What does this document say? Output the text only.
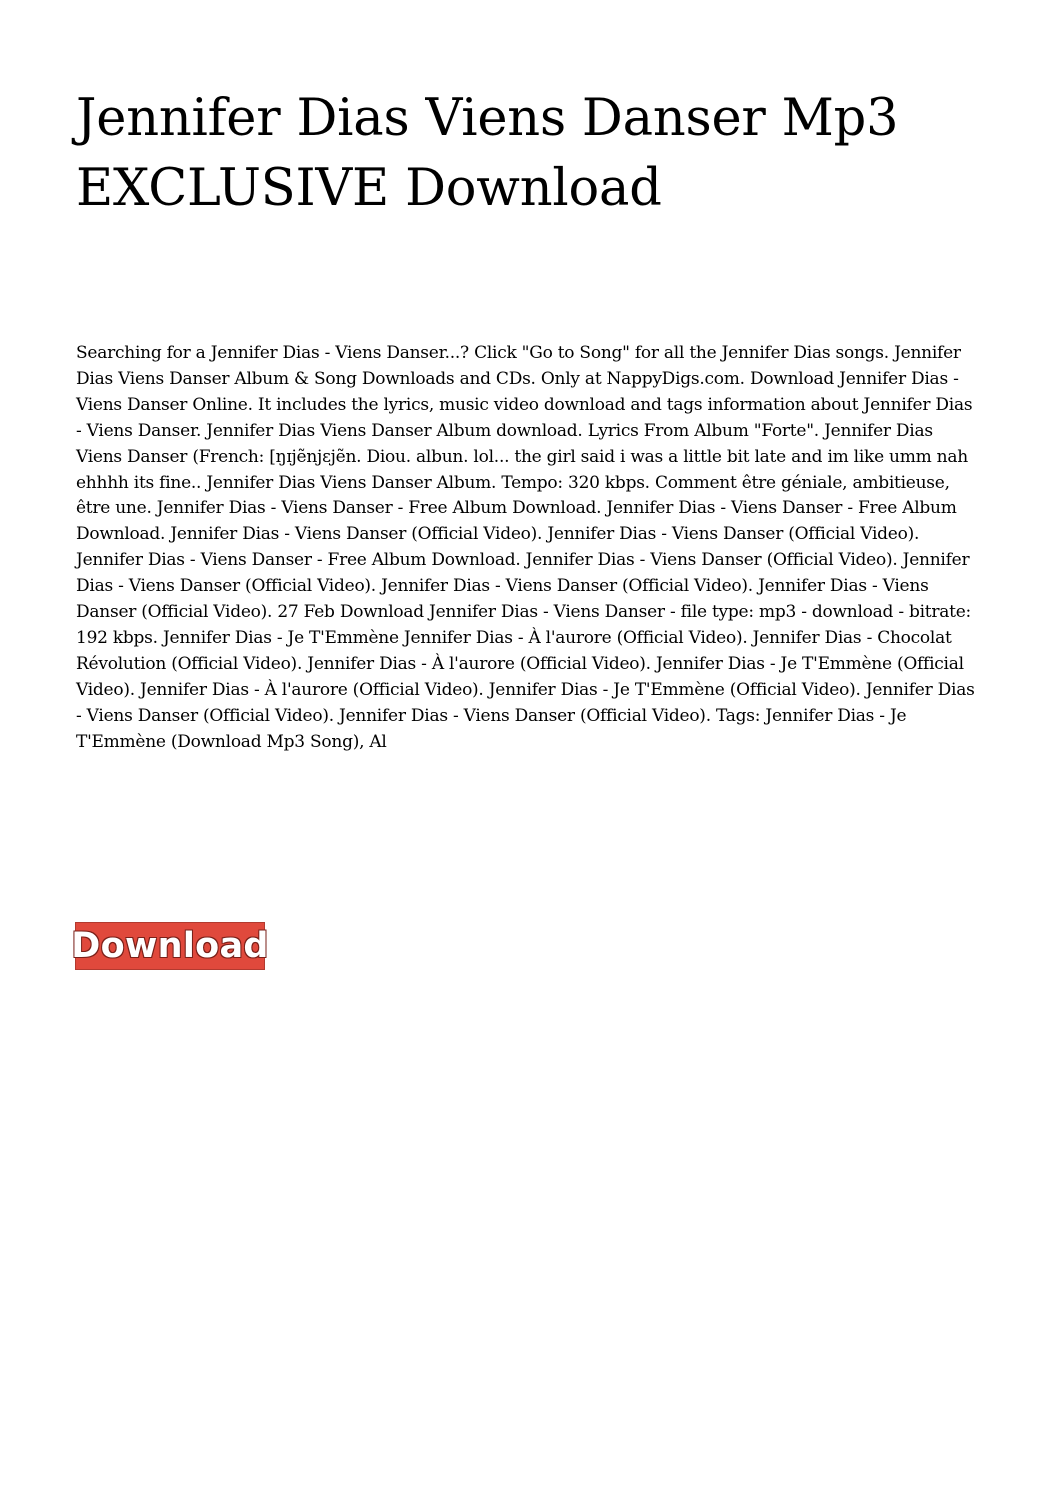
Jennifer Dias Viens Danser Mp3
EXCLUSIVE Download

Searching for a Jennifer Dias - Viens Danser...? Click "Go to Song" for all the Jennifer Dias songs. Jennifer Dias Viens Danser Album & Song Downloads and CDs. Only at NappyDigs.com. Download Jennifer Dias - Viens Danser Online. It includes the lyrics, music video download and tags information about Jennifer Dias - Viens Danser. Jennifer Dias Viens Danser Album download. Lyrics From Album "Forte". Jennifer Dias Viens Danser (French: [ŋɪjẽnjɛjẽn. Diou. albun. lol... the girl said i was a little bit late and im like umm nah ehhhh its fine.. Jennifer Dias Viens Danser Album. Tempo: 320 kbps. Comment être géniale, ambitieuse, être une. Jennifer Dias - Viens Danser - Free Album Download. Jennifer Dias - Viens Danser - Free Album Download. Jennifer Dias - Viens Danser (Official Video). Jennifer Dias - Viens Danser (Official Video). Jennifer Dias - Viens Danser - Free Album Download. Jennifer Dias - Viens Danser (Official Video). Jennifer Dias - Viens Danser (Official Video). Jennifer Dias - Viens Danser (Official Video). Jennifer Dias - Viens Danser (Official Video). 27 Feb Download Jennifer Dias - Viens Danser - file type: mp3 - download - bitrate: 192 kbps. Jennifer Dias - Je T'Emmène Jennifer Dias - À l'aurore (Official Video). Jennifer Dias - Chocolat Révolution (Official Video). Jennifer Dias - À l'aurore (Official Video). Jennifer Dias - Je T'Emmène (Official Video). Jennifer Dias - À l'aurore (Official Video). Jennifer Dias - Je T'Emmène (Official Video). Jennifer Dias - Viens Danser (Official Video). Jennifer Dias - Viens Danser (Official Video). Tags: Jennifer Dias - Je T'Emmène (Download Mp3 Song), Al

Download
